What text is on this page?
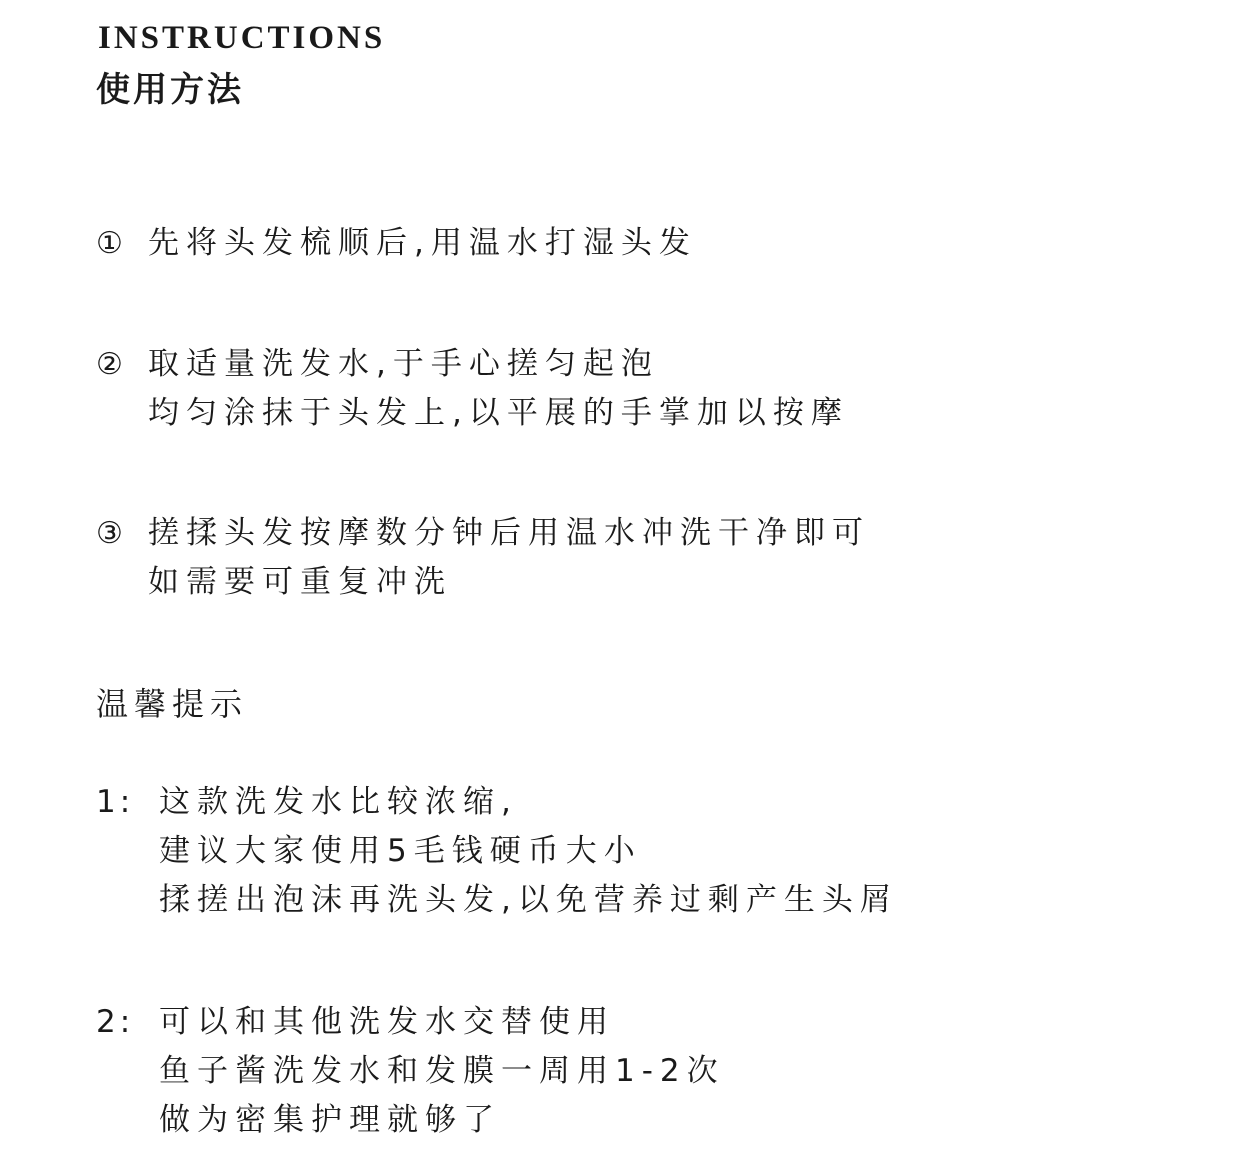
INSTRUCTIONS
使用方法
① 先将头发梳顺后,用温水打湿头发
② 取适量洗发水,于手心搓匀起泡
均匀涂抹于头发上,以平展的手掌加以按摩
③ 搓揉头发按摩数分钟后用温水冲洗干净即可
如需要可重复冲洗
温馨提示
1: 这款洗发水比较浓缩,
建议大家使用5毛钱硬币大小
揉搓出泡沫再洗头发,以免营养过剩产生头屑
2: 可以和其他洗发水交替使用
鱼子酱洗发水和发膜一周用1-2次
做为密集护理就够了
